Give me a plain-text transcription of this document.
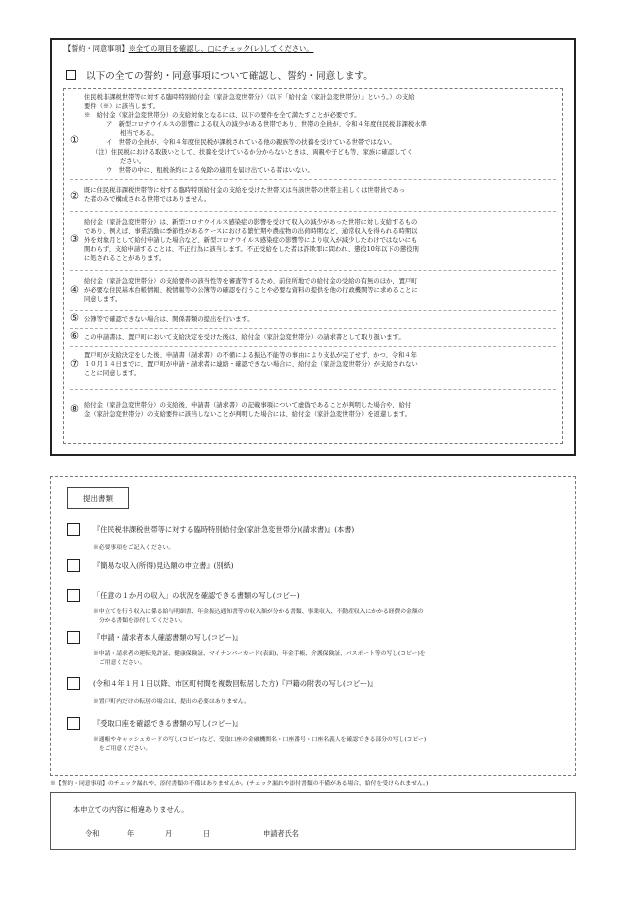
【誓約・同意事項】※全ての項目を確認し、□にチェック(レ)してください。
以下の全ての誓約・同意事項について確認し、誓約・同意します。
①

住民税非課税世帯等に対する臨時特別給付金（家計急変世帯分）（以下「給付金（家計急変世帯分）」という。）の支給

要件（※）に該当します。

※　給付金（家計急変世帯分）の支給対象となるには、以下の要件を全て満たすことが必要です。

ア　新型コロナウイルスの影響による収入の減少がある世帯であり、世帯の全員が、令和４年度住民税非課税水準

相当である。

イ　世帯の全員が、令和４年度住民税が課税されている他の親族等の扶養を受けている世帯ではない。

（注）住民税における取扱いとして、扶養を受けているか分からないときは、両親や子ども等、家族に確認してく

ださい。

ウ　世帯の中に、租税条約による免除の適用を届け出ている者はいない。

②

既に住民税非課税世帯等に対する臨時特別給付金の支給を受けた世帯又は当該世帯の世帯主若しくは世帯員であっ

た者のみで構成される世帯ではありません。

③

給付金（家計急変世帯分）は、新型コロナウイルス感染症の影響を受けて収入の減少があった世帯に対し支給するもの

であり、例えば、事業活動に季節性があるケースにおける繁忙期や農産物の出荷時期など、通常収入を得られる時期以

外を対象月として給付申請した場合など、新型コロナウイルス感染症の影響等により収入が減少したわけではないにも

関わらず、支給申請することは、不正行為に該当します。不正受給をした者は詐欺罪に問われ、懲役10年以下の懲役刑

に処されることがあります。

④

給付金（家計急変世帯分）の支給要件の該当性等を審査等するため、前住所地での給付金の受給の有無のほか、置戸町

が必要な住民基本台帳情報、税情報等の公簿等の確認を行うことや必要な資料の提供を他の行政機関等に求めることに

同意します。

⑤ 公簿等で確認できない場合は、関係書類の提出を行います。

⑥ この申請書は、置戸町において支給決定を受けた後は、給付金（家計急変世帯分）の請求書として取り扱います。

⑦

置戸町が支給決定をした後、申請書（請求書）の不備による振込不能等の事由により支払が完了せず、かつ、令和４年

１０月１４日までに、置戸町が申請・請求者に連絡・確認できない場合に、給付金（家計急変世帯分）が支給されない

ことに同意します。

⑧ 給付金（家計急変世帯分）の支給後、申請書（請求書）の記載事項について虚偽であることが判明した場合や、給付

金（家計急変世帯分）の支給要件に該当しないことが判明した場合には、給付金（家計急変世帯分）を返還します。

提出書類
『住民税非課税世帯等に対する臨時特別給付金(家計急変世帯分)(請求書)』(本書)
※必要事項をご記入ください。
『簡易な収入(所得)見込額の申立書』(別紙)
「任意の１か月の収入」の状況を確認できる書類の写し(コピー)
※申立てを行う収入に係る給与明細書、年金振込通知書等の収入額が分かる書類、事業収入、不動産収入にかかる経費の金額の
分かる書類を添付してください。
『申請・請求者本人確認書類の写し(コピー)』
※申請・請求者の運転免許証、健康保険証、マイナンバーカード(表面)、年金手帳、介護保険証、パスポート等の写し(コピー)を
ご用意ください。
(令和４年１月１日以降、市区町村間を複数回転居した方)『戸籍の附表の写し(コピー)』
※置戸町内だけの転居の場合は、提出の必要はありません。
『受取口座を確認できる書類の写し(コピー)』
※通帳やキャッシュカードの写し(コピー)など、受取口座の金融機関名・口座番号・口座名義人を確認できる部分の写し(コピー)
をご用意ください。
※【誓約・同意事項】のチェック漏れや、添付書類の不備はありませんか。(チェック漏れや添付書類の不備がある場合、給付を受けられません。)
本申立ての内容に相違ありません。
令和	年	月	日	申請者氏名
